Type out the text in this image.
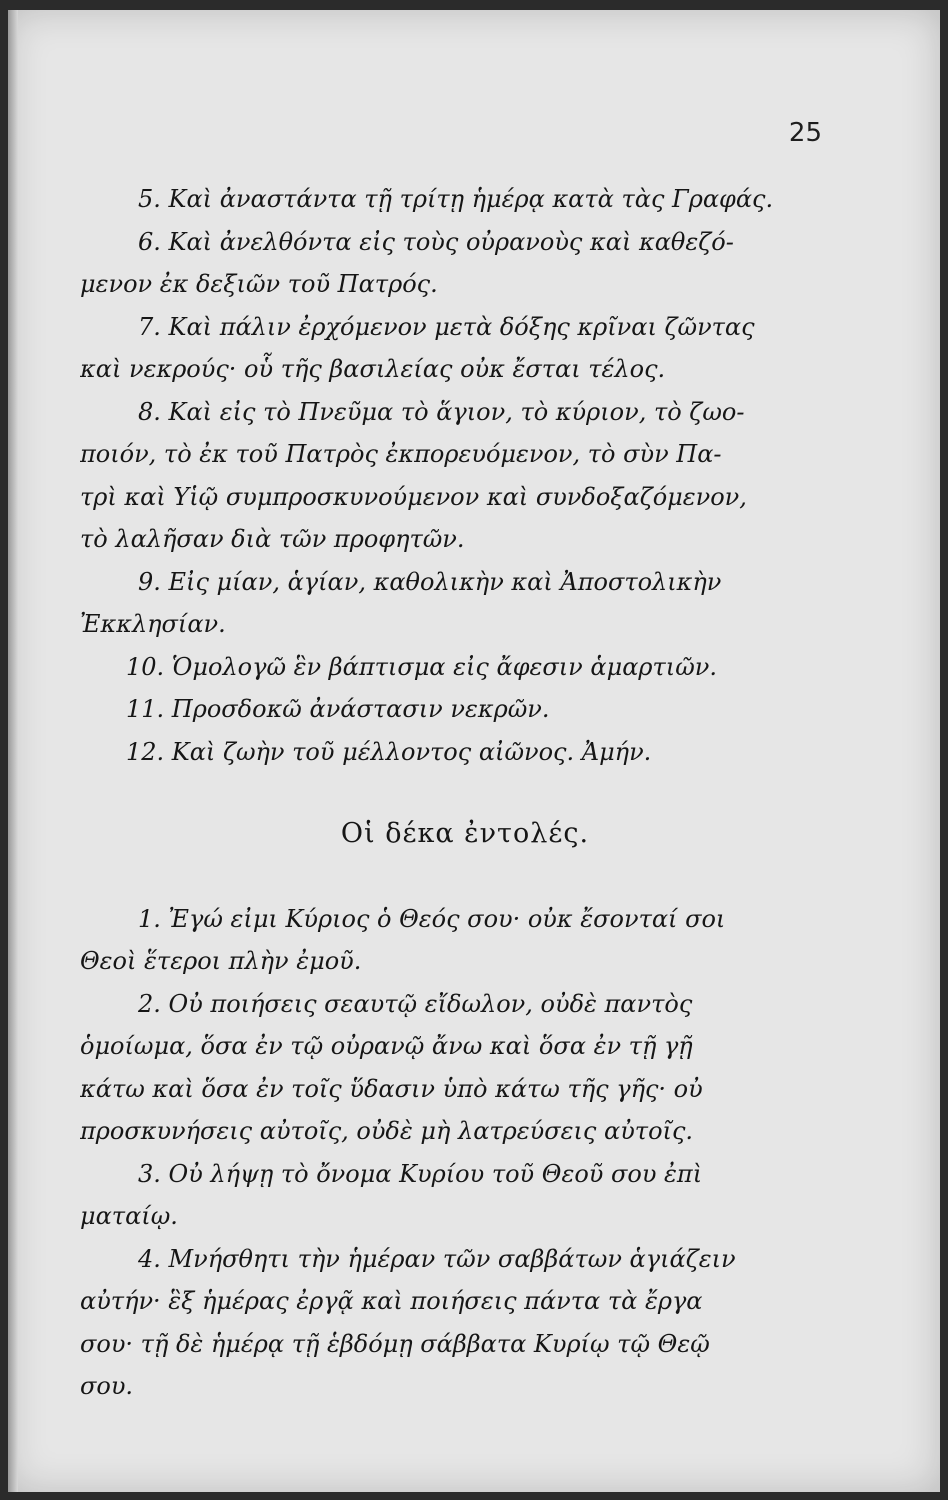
25
5. Καὶ ἀναστάντα τῇ τρίτῃ ἡμέρᾳ κατὰ τὰς Γραφάς.
6. Καὶ ἀνελθόντα εἰς τοὺς οὐρανοὺς καὶ καθεζό-
μενον ἐκ δεξιῶν τοῦ Πατρός.
7. Καὶ πάλιν ἐρχόμενον μετὰ δόξης κρῖναι ζῶντας
καὶ νεκρούς· οὗ τῆς βασιλείας οὐκ ἔσται τέλος.
8. Καὶ εἰς τὸ Πνεῦμα τὸ ἅγιον, τὸ κύριον, τὸ ζωο-
ποιόν, τὸ ἐκ τοῦ Πατρὸς ἐκπορευόμενον, τὸ σὺν Πα-
τρὶ καὶ Υἱῷ συμπροσκυνούμενον καὶ συνδοξαζόμενον,
τὸ λαλῆσαν διὰ τῶν προφητῶν.
9. Εἰς μίαν, ἁγίαν, καθολικὴν καὶ Ἀποστολικὴν
Ἐκκλησίαν.
10. Ὁμολογῶ ἓν βάπτισμα εἰς ἄφεσιν ἁμαρτιῶν.
11. Προσδοκῶ ἀνάστασιν νεκρῶν.
12. Καὶ ζωὴν τοῦ μέλλοντος αἰῶνος. Ἀμήν.
Οἱ δέκα ἐντολές.
1. Ἐγώ εἰμι Κύριος ὁ Θεός σου· οὐκ ἔσονταί σοι
Θεοὶ ἕτεροι πλὴν ἐμοῦ.
2. Οὐ ποιήσεις σεαυτῷ εἴδωλον, οὐδὲ παντὸς
ὁμοίωμα, ὅσα ἐν τῷ οὐρανῷ ἄνω καὶ ὅσα ἐν τῇ γῇ
κάτω καὶ ὅσα ἐν τοῖς ὕδασιν ὑπὸ κάτω τῆς γῆς· οὐ
προσκυνήσεις αὐτοῖς, οὐδὲ μὴ λατρεύσεις αὐτοῖς.
3. Οὐ λήψῃ τὸ ὄνομα Κυρίου τοῦ Θεοῦ σου ἐπὶ
ματαίῳ.
4. Μνήσθητι τὴν ἡμέραν τῶν σαββάτων ἁγιάζειν
αὐτήν· ἓξ ἡμέρας ἐργᾷ καὶ ποιήσεις πάντα τὰ ἔργα
σου· τῇ δὲ ἡμέρᾳ τῇ ἑβδόμῃ σάββατα Κυρίῳ τῷ Θεῷ
σου.
